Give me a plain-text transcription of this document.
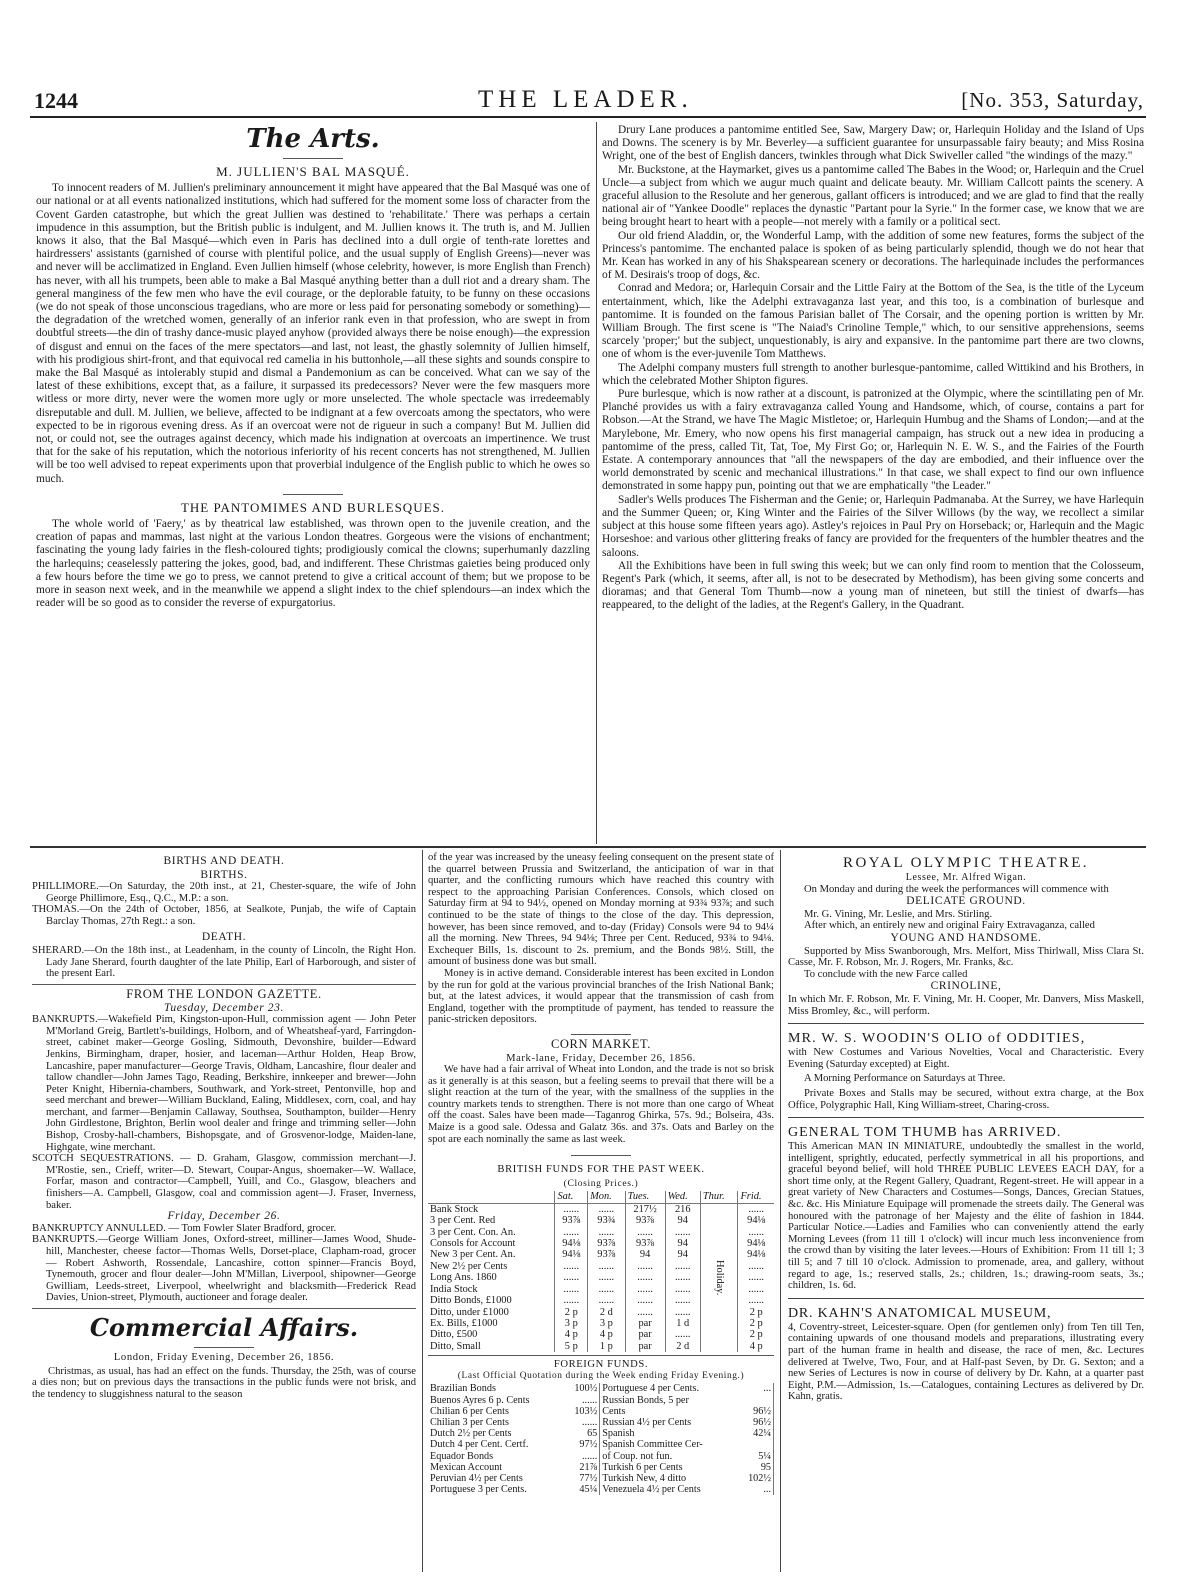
1244	THE LEADER.	[No. 353, Saturday,
The Arts.
M. JULLIEN'S BAL MASQUÉ.

To innocent readers of M. Jullien's preliminary announcement it might have appeared that the Bal Masqué was one of our national or at all events nationalized institutions, which had suffered for the moment some loss of character from the Covent Garden catastrophe, but which the great Jullien was destined to 'rehabilitate.' There was perhaps a certain impudence in this assumption, but the British public is indulgent, and M. Jullien knows it. The truth is, and M. Jullien knows it also, that the Bal Masqué—which even in Paris has declined into a dull orgie of tenth-rate lorettes and hairdressers' assistants (garnished of course with plentiful police, and the usual supply of English Greens)—never was and never will be acclimatized in England. Even Jullien himself (whose celebrity, however, is more English than French) has never, with all his trumpets, been able to make a Bal Masqué anything better than a dull riot and a dreary sham. The general manginess of the few men who have the evil courage, or the deplorable fatuity, to be funny on these occasions (we do not speak of those unconscious tragedians, who are more or less paid for personating somebody or something)—the degradation of the wretched women, generally of an inferior rank even in that profession, who are swept in from doubtful streets—the din of trashy dance-music played anyhow (provided always there be noise enough)—the expression of disgust and ennui on the faces of the mere spectators—and last, not least, the ghastly solemnity of Jullien himself, with his prodigious shirt-front, and that equivocal red camelia in his buttonhole,—all these sights and sounds conspire to make the Bal Masqué as intolerably stupid and dismal a Pandemonium as can be conceived. What can we say of the latest of these exhibitions, except that, as a failure, it surpassed its predecessors? Never were the few masquers more witless or more dirty, never were the women more ugly or more unselected. The whole spectacle was irredeemably disreputable and dull. M. Jullien, we believe, affected to be indignant at a few overcoats among the spectators, who were expected to be in rigorous evening dress. As if an overcoat were not de rigueur in such a company! But M. Jullien did not, or could not, see the outrages against decency, which made his indignation at overcoats an impertinence. We trust that for the sake of his reputation, which the notorious inferiority of his recent concerts has not strengthened, M. Jullien will be too well advised to repeat experiments upon that proverbial indulgence of the English public to which he owes so much.

THE PANTOMIMES AND BURLESQUES.

The whole world of 'Faery,' as by theatrical law established, was thrown open to the juvenile creation, and the creation of papas and mammas, last night at the various London theatres. Gorgeous were the visions of enchantment; fascinating the young lady fairies in the flesh-coloured tights; prodigiously comical the clowns; superhumanly dazzling the harlequins; ceaselessly pattering the jokes, good, bad, and indifferent. These Christmas gaieties being produced only a few hours before the time we go to press, we cannot pretend to give a critical account of them; but we propose to be more in season next week, and in the meanwhile we append a slight index to the chief splendours—an index which the reader will be so good as to consider the reverse of expurgatorius.

Drury Lane produces a pantomime entitled See, Saw, Margery Daw; or, Harlequin Holiday and the Island of Ups and Downs. The scenery is by Mr. Beverley—a sufficient guarantee for unsurpassable fairy beauty; and Miss Rosina Wright, one of the best of English dancers, twinkles through what Dick Swiveller called "the windings of the mazy."

Mr. Buckstone, at the Haymarket, gives us a pantomime called The Babes in the Wood; or, Harlequin and the Cruel Uncle—a subject from which we augur much quaint and delicate beauty. Mr. William Callcott paints the scenery. A graceful allusion to the Resolute and her generous, gallant officers is introduced; and we are glad to find that the really national air of "Yankee Doodle" replaces the dynastic "Partant pour la Syrie." In the former case, we know that we are being brought heart to heart with a people—not merely with a family or a political sect.

Our old friend Aladdin, or, the Wonderful Lamp, with the addition of some new features, forms the subject of the Princess's pantomime. The enchanted palace is spoken of as being particularly splendid, though we do not hear that Mr. Kean has worked in any of his Shakspearean scenery or decorations. The harlequinade includes the performances of M. Desirais's troop of dogs, &c.

Conrad and Medora; or, Harlequin Corsair and the Little Fairy at the Bottom of the Sea, is the title of the Lyceum entertainment, which, like the Adelphi extravaganza last year, and this too, is a combination of burlesque and pantomime. It is founded on the famous Parisian ballet of The Corsair, and the opening portion is written by Mr. William Brough. The first scene is "The Naiad's Crinoline Temple," which, to our sensitive apprehensions, seems scarcely 'proper;' but the subject, unquestionably, is airy and expansive. In the pantomime part there are two clowns, one of whom is the ever-juvenile Tom Matthews.

The Adelphi company musters full strength to another burlesque-pantomime, called Wittikind and his Brothers, in which the celebrated Mother Shipton figures.

Pure burlesque, which is now rather at a discount, is patronized at the Olympic, where the scintillating pen of Mr. Planché provides us with a fairy extravaganza called Young and Handsome, which, of course, contains a part for Robson.—At the Strand, we have The Magic Mistletoe; or, Harlequin Humbug and the Shams of London;—and at the Marylebone, Mr. Emery, who now opens his first managerial campaign, has struck out a new idea in producing a pantomime of the press, called Tit, Tat, Toe, My First Go; or, Harlequin N. E. W. S., and the Fairies of the Fourth Estate. A contemporary announces that "all the newspapers of the day are embodied, and their influence over the world demonstrated by scenic and mechanical illustrations." In that case, we shall expect to find our own influence demonstrated in some happy pun, pointing out that we are emphatically "the Leader."

Sadler's Wells produces The Fisherman and the Genie; or, Harlequin Padmanaba. At the Surrey, we have Harlequin and the Summer Queen; or, King Winter and the Fairies of the Silver Willows (by the way, we recollect a similar subject at this house some fifteen years ago). Astley's rejoices in Paul Pry on Horseback; or, Harlequin and the Magic Horseshoe: and various other glittering freaks of fancy are provided for the frequenters of the humbler theatres and the saloons.

All the Exhibitions have been in full swing this week; but we can only find room to mention that the Colosseum, Regent's Park (which, it seems, after all, is not to be desecrated by Methodism), has been giving some concerts and dioramas; and that General Tom Thumb—now a young man of nineteen, but still the tiniest of dwarfs—has reappeared, to the delight of the ladies, at the Regent's Gallery, in the Quadrant.

BIRTHS AND DEATH.
BIRTHS.

PHILLIMORE.—On Saturday, the 20th inst., at 21, Chester-square, the wife of John George Phillimore, Esq., Q.C., M.P.: a son.

THOMAS.—On the 24th of October, 1856, at Sealkote, Punjab, the wife of Captain Barclay Thomas, 27th Regt.: a son.

DEATH.

SHERARD.—On the 18th inst., at Leadenham, in the county of Lincoln, the Right Hon. Lady Jane Sherard, fourth daughter of the late Philip, Earl of Harborough, and sister of the present Earl.

FROM THE LONDON GAZETTE.
Tuesday, December 23.

BANKRUPTS.—Wakefield Pim, Kingston-upon-Hull, commission agent — John Peter M'Morland Greig, Bartlett's-buildings, Holborn, and of Wheatsheaf-yard, Farringdon-street, cabinet maker—George Gosling, Sidmouth, Devonshire, builder—Edward Jenkins, Birmingham, draper, hosier, and laceman—Arthur Holden, Heap Brow, Lancashire, paper manufacturer—George Travis, Oldham, Lancashire, flour dealer and tallow chandler—John James Tago, Reading, Berkshire, innkeeper and brewer—John Peter Knight, Hibernia-chambers, Southwark, and York-street, Pentonville, hop and seed merchant and brewer—William Buckland, Ealing, Middlesex, corn, coal, and hay merchant, and farmer—Benjamin Callaway, Southsea, Southampton, builder—Henry John Girdlestone, Brighton, Berlin wool dealer and fringe and trimming seller—John Bishop, Crosby-hall-chambers, Bishopsgate, and of Grosvenor-lodge, Maiden-lane, Highgate, wine merchant.

SCOTCH SEQUESTRATIONS. — D. Graham, Glasgow, commission merchant—J. M'Rostie, sen., Crieff, writer—D. Stewart, Coupar-Angus, shoemaker—W. Wallace, Forfar, mason and contractor—Campbell, Yuill, and Co., Glasgow, bleachers and finishers—A. Campbell, Glasgow, coal and commission agent—J. Fraser, Inverness, baker.

Friday, December 26.

BANKRUPTCY ANNULLED. — Tom Fowler Slater Bradford, grocer.

BANKRUPTS.—George William Jones, Oxford-street, milliner—James Wood, Shude-hill, Manchester, cheese factor—Thomas Wells, Dorset-place, Clapham-road, grocer — Robert Ashworth, Rossendale, Lancashire, cotton spinner—Francis Boyd, Tynemouth, grocer and flour dealer—John M'Millan, Liverpool, shipowner—George Gwilliam, Leeds-street, Liverpool, wheelwright and blacksmith—Frederick Read Davies, Union-street, Plymouth, auctioneer and forage dealer.

Commercial Affairs.
London, Friday Evening, December 26, 1856.

Christmas, as usual, has had an effect on the funds. Thursday, the 25th, was of course a dies non; but on previous days the transactions in the public funds were not brisk, and the tendency to sluggishness natural to the season

of the year was increased by the uneasy feeling consequent on the present state of the quarrel between Prussia and Switzerland, the anticipation of war in that quarter, and the conflicting rumours which have reached this country with respect to the approaching Parisian Conferences. Consols, which closed on Saturday firm at 94 to 94½, opened on Monday morning at 93¾ 93⅞; and such continued to be the state of things to the close of the day. This depression, however, has been since removed, and to-day (Friday) Consols were 94 to 94¼ all the morning. New Threes, 94 94⅛; Three per Cent. Reduced, 93¾ to 94⅛. Exchequer Bills, 1s. discount to 2s. premium, and the Bonds 98½. Still, the amount of business done was but small.

Money is in active demand. Considerable interest has been excited in London by the run for gold at the various provincial branches of the Irish National Bank; but, at the latest advices, it would appear that the transmission of cash from England, together with the promptitude of payment, has tended to reassure the panic-stricken depositors.

CORN MARKET.
Mark-lane, Friday, December 26, 1856.

We have had a fair arrival of Wheat into London, and the trade is not so brisk as it generally is at this season, but a feeling seems to prevail that there will be a slight reaction at the turn of the year, with the smallness of the supplies in the country markets tends to strengthen. There is not more than one cargo of Wheat off the coast. Sales have been made—Taganrog Ghirka, 57s. 9d.; Bolseira, 43s. Maize is a good sale. Odessa and Galatz 36s. and 37s. Oats and Barley on the spot are each nominally the same as last week.

BRITISH FUNDS FOR THE PAST WEEK.
(Closing Prices.)
	Sat.	Mon.	Tues.	Wed.	Thur.	Frid.
Bank Stock	......	......	217½	216	Holiday.	......
3 per Cent. Red	93⅞	93¾	93⅞	94		94⅛
3 per Cent. Con. An.	......	......	......	......		......
Consols for Account	94⅛	93⅞	93⅞	94		94⅛
New 3 per Cent. An.	94⅛	93⅞	94	94		94⅛
New 2½ per Cents	......	......	......	......		......
Long Ans. 1860	......	......	......	......		......
India Stock	......	......	......	......		......
Ditto Bonds, £1000	......	......	......	......		......
Ditto, under £1000	2 p	2 d	......	......		2 p
Ex. Bills, £1000	3 p	3 p	par	1 d		2 p
Ditto, £500	4 p	4 p	par	......		2 p
Ditto, Small	5 p	1 p	par	2 d		4 p
FOREIGN FUNDS.
(Last Official Quotation during the Week ending Friday Evening.)
Brazilian Bonds	100½	Portuguese 4 per Cents.	...
Buenos Ayres 6 p. Cents	......	Russian Bonds, 5 per	
Chilian 6 per Cents	103½	Cents	96½
Chilian 3 per Cents	......	Russian 4½ per Cents	96½
Dutch 2½ per Cents	65	Spanish	42¼
Dutch 4 per Cent. Certf.	97½	Spanish Committee Cer-	
Equador Bonds	......	of Coup. not fun.	5¼
Mexican Account	21⅞	Turkish 6 per Cents	95
Peruvian 4½ per Cents	77½	Turkish New, 4 ditto	102½
Portuguese 3 per Cents.	45¼	Venezuela 4½ per Cents	...
ROYAL OLYMPIC THEATRE.
Lessee, Mr. Alfred Wigan.

On Monday and during the week the performances will commence with

DELICATE GROUND.

Mr. G. Vining, Mr. Leslie, and Mrs. Stirling.

After which, an entirely new and original Fairy Extravaganza, called

YOUNG AND HANDSOME.

Supported by Miss Swanborough, Mrs. Melfort, Miss Thirlwall, Miss Clara St. Casse, Mr. F. Robson, Mr. J. Rogers, Mr. Franks, &c.

To conclude with the new Farce called

CRINOLINE,

In which Mr. F. Robson, Mr. F. Vining, Mr. H. Cooper, Mr. Danvers, Miss Maskell, Miss Bromley, &c., will perform.

MR. W. S. WOODIN'S OLIO of ODDITIES,

with New Costumes and Various Novelties, Vocal and Characteristic. Every Evening (Saturday excepted) at Eight.

A Morning Performance on Saturdays at Three.

Private Boxes and Stalls may be secured, without extra charge, at the Box Office, Polygraphic Hall, King William-street, Charing-cross.

GENERAL TOM THUMB has ARRIVED.

This American MAN IN MINIATURE, undoubtedly the smallest in the world, intelligent, sprightly, educated, perfectly symmetrical in all his proportions, and graceful beyond belief, will hold THREE PUBLIC LEVEES EACH DAY, for a short time only, at the Regent Gallery, Quadrant, Regent-street. He will appear in a great variety of New Characters and Costumes—Songs, Dances, Grecian Statues, &c. &c. His Miniature Equipage will promenade the streets daily. The General was honoured with the patronage of her Majesty and the élite of fashion in 1844. Particular Notice.—Ladies and Families who can conveniently attend the early Morning Levees (from 11 till 1 o'clock) will incur much less inconvenience from the crowd than by visiting the later levees.—Hours of Exhibition: From 11 till 1; 3 till 5; and 7 till 10 o'clock. Admission to promenade, area, and gallery, without regard to age, 1s.; reserved stalls, 2s.; children, 1s.; drawing-room seats, 3s.; children, 1s. 6d.

DR. KAHN'S ANATOMICAL MUSEUM,

4, Coventry-street, Leicester-square. Open (for gentlemen only) from Ten till Ten, containing upwards of one thousand models and preparations, illustrating every part of the human frame in health and disease, the race of men, &c. Lectures delivered at Twelve, Two, Four, and at Half-past Seven, by Dr. G. Sexton; and a new Series of Lectures is now in course of delivery by Dr. Kahn, at a quarter past Eight, P.M.—Admission, 1s.—Catalogues, containing Lectures as delivered by Dr. Kahn, gratis.
